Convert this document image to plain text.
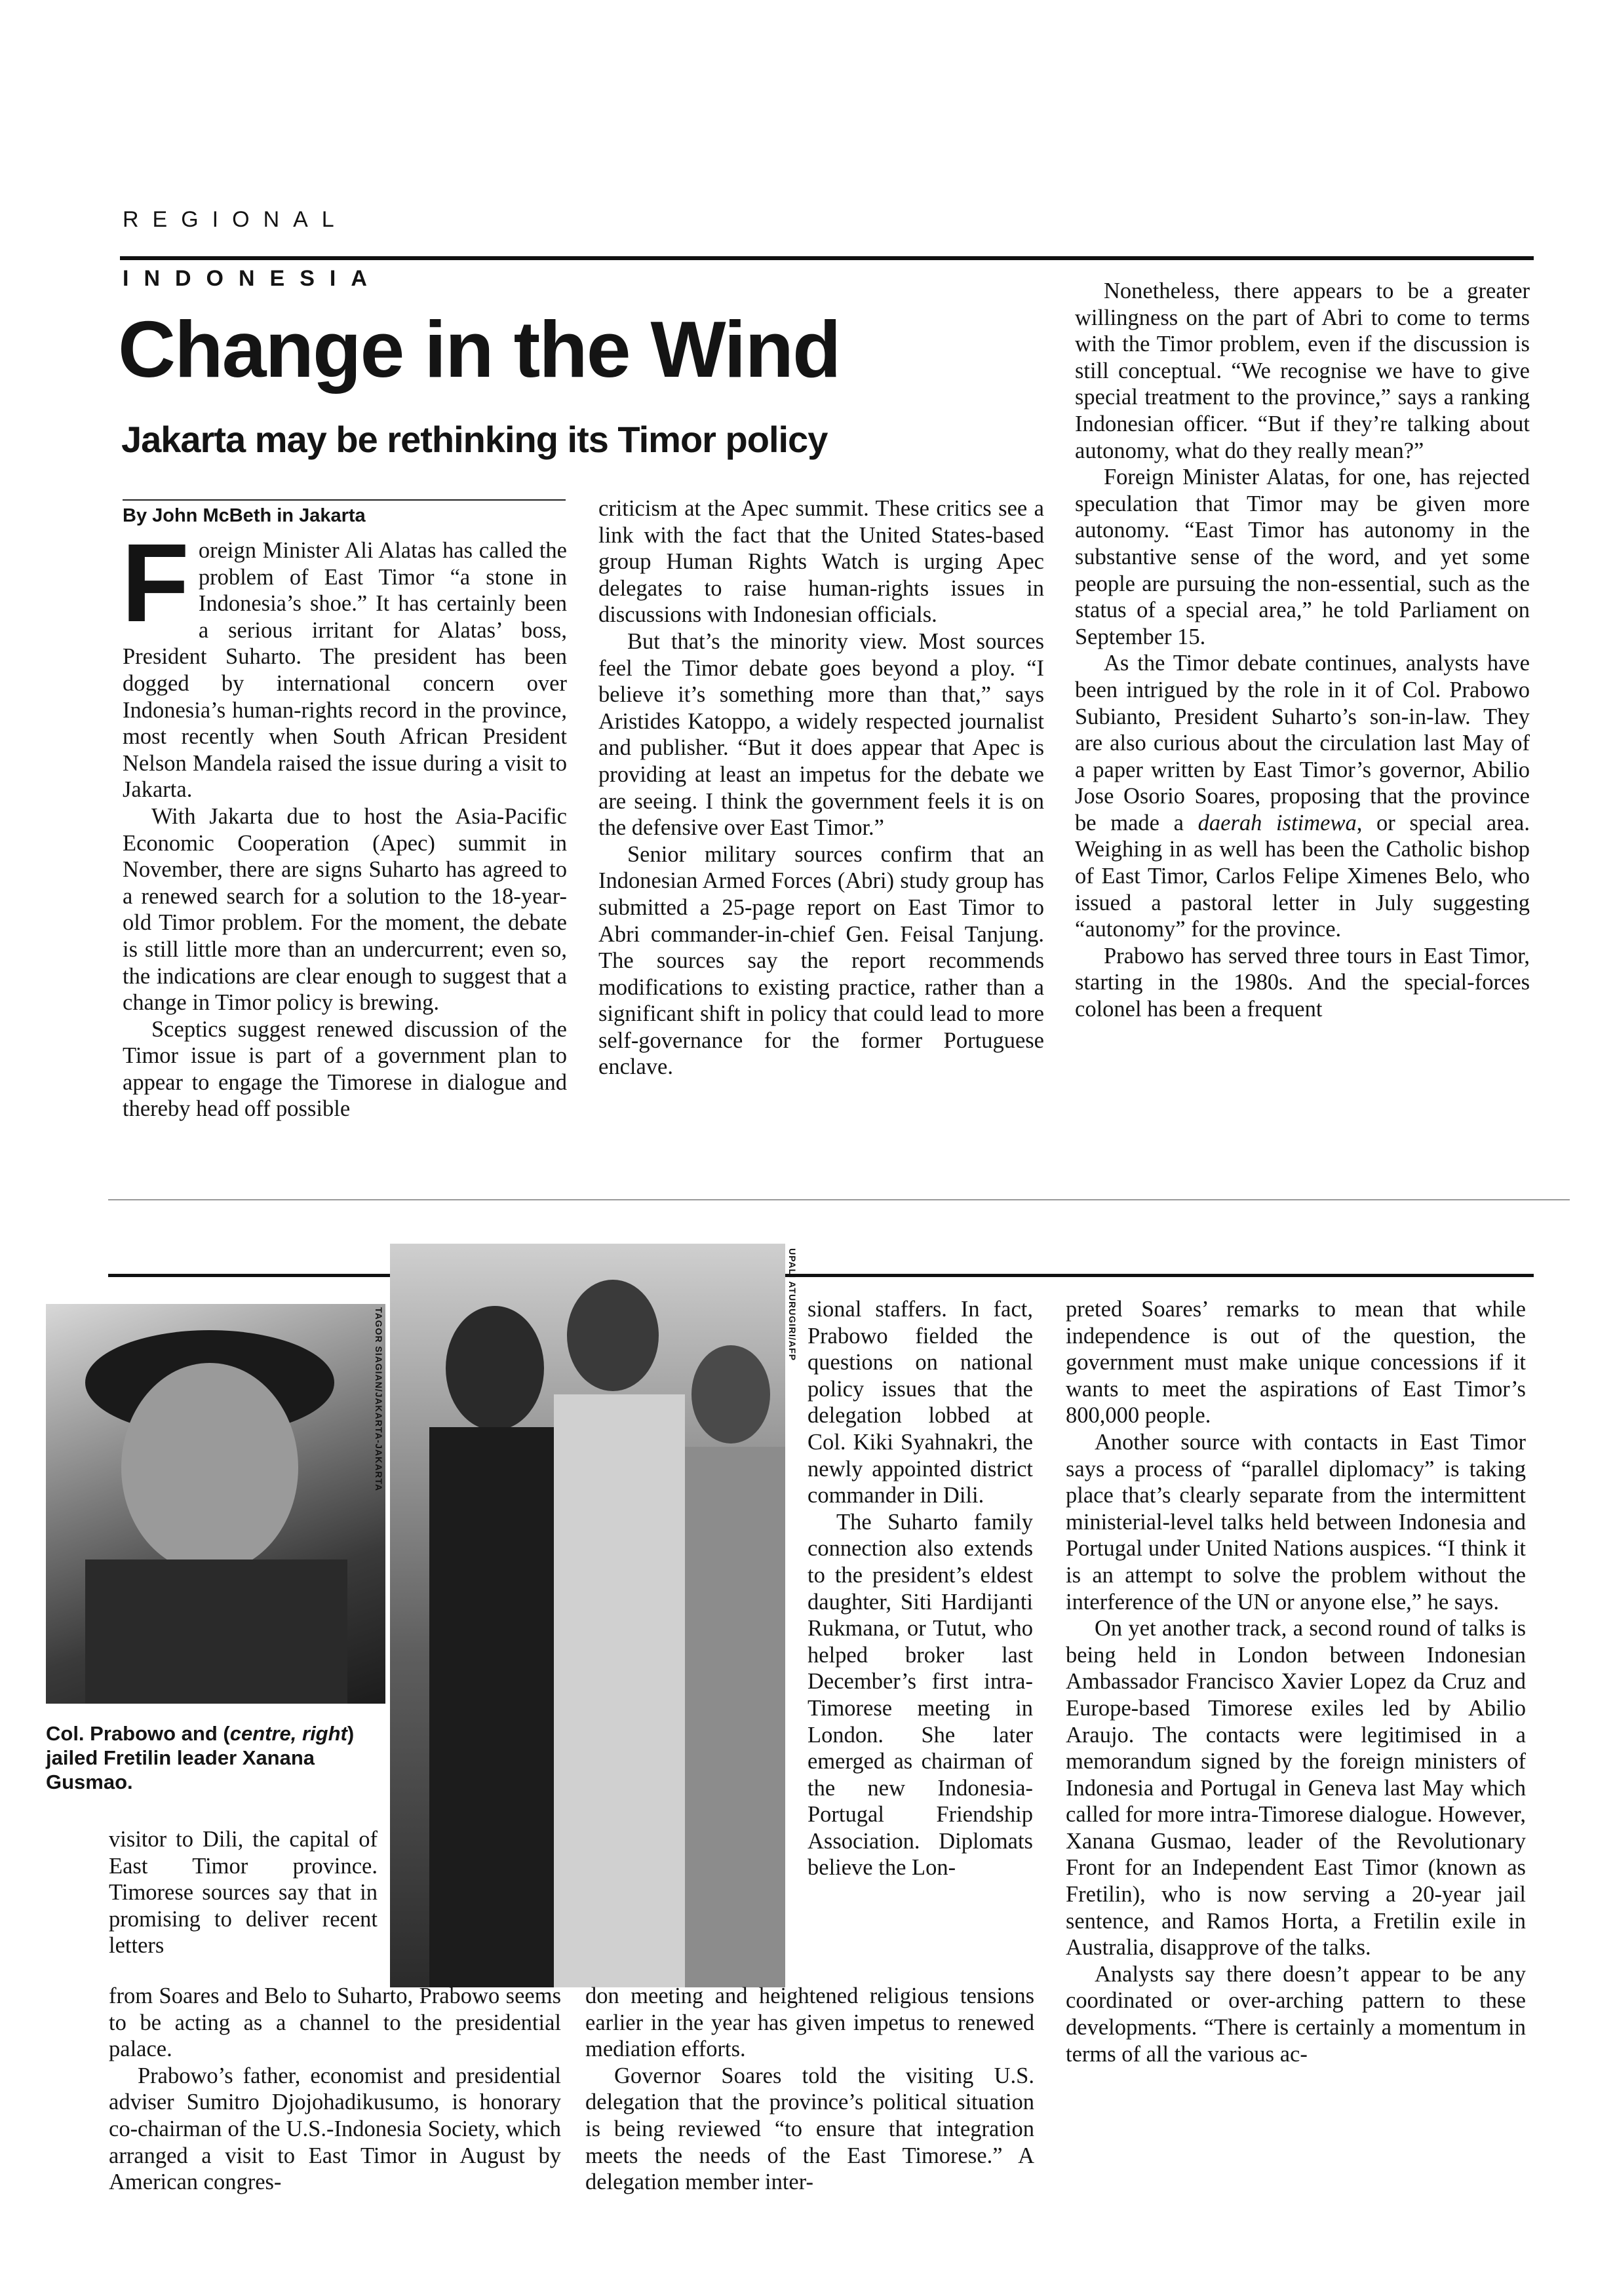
REGIONAL
INDONESIA
Change in the Wind
Jakarta may be rethinking its Timor policy
By John McBeth in Jakarta
F oreign Minister Ali Alatas has called the problem of East Timor “a stone in Indonesia’s shoe.” It has certainly been a serious irritant for Alatas’ boss, President Suharto. The president has been dogged by international concern over Indonesia’s human-rights record in the province, most recently when South African President Nelson Mandela raised the issue during a visit to Jakarta.

With Jakarta due to host the Asia-Pacific Economic Cooperation (Apec) summit in November, there are signs Suharto has agreed to a renewed search for a solution to the 18-year-old Timor problem. For the moment, the debate is still little more than an undercurrent; even so, the indications are clear enough to suggest that a change in Timor policy is brewing.

Sceptics suggest renewed discussion of the Timor issue is part of a government plan to appear to engage the Timorese in dialogue and thereby head off possible

criticism at the Apec summit. These critics see a link with the fact that the United States-based group Human Rights Watch is urging Apec delegates to raise human-rights issues in discussions with Indonesian officials.

But that’s the minority view. Most sources feel the Timor debate goes beyond a ploy. “I believe it’s something more than that,” says Aristides Katoppo, a widely respected journalist and publisher. “But it does appear that Apec is providing at least an impetus for the debate we are seeing. I think the government feels it is on the defensive over East Timor.”

Senior military sources confirm that an Indonesian Armed Forces (Abri) study group has submitted a 25-page report on East Timor to Abri commander-in-chief Gen. Feisal Tanjung. The sources say the report recommends modifications to existing practice, rather than a significant shift in policy that could lead to more self-governance for the former Portuguese enclave.

Nonetheless, there appears to be a greater willingness on the part of Abri to come to terms with the Timor problem, even if the discussion is still conceptual. “We recognise we have to give special treatment to the province,” says a ranking Indonesian officer. “But if they’re talking about autonomy, what do they really mean?”

Foreign Minister Alatas, for one, has rejected speculation that Timor may be given more autonomy. “East Timor has autonomy in the substantive sense of the word, and yet some people are pursuing the non-essential, such as the status of a special area,” he told Parliament on September 15.

As the Timor debate continues, analysts have been intrigued by the role in it of Col. Prabowo Subianto, President Suharto’s son-in-law. They are also curious about the circulation last May of a paper written by East Timor’s governor, Abilio Jose Osorio Soares, proposing that the province be made a daerah istimewa, or special area. Weighing in as well has been the Catholic bishop of East Timor, Carlos Felipe Ximenes Belo, who issued a pastoral letter in July suggesting “autonomy” for the province.

Prabowo has served three tours in East Timor, starting in the 1980s. And the special-forces colonel has been a frequent

TAGOR SIAGIAN/JAKARTA-JAKARTA
UPALI ATURUGIRI/AFP
Col. Prabowo and (centre, right) jailed Fretilin leader Xanana Gusmao.

visitor to Dili, the capital of East Timor province. Timorese sources say that in promising to deliver recent letters

from Soares and Belo to Suharto, Prabowo seems to be acting as a channel to the presidential palace.

Prabowo’s father, economist and presidential adviser Sumitro Djojohadikusumo, is honorary co-chairman of the U.S.-Indonesia Society, which arranged a visit to East Timor in August by American congres-

sional staffers. In fact, Prabowo fielded the questions on national policy issues that the delegation lobbed at Col. Kiki Syahnakri, the newly appointed district commander in Dili.

The Suharto family connection also extends to the president’s eldest daughter, Siti Hardijanti Rukmana, or Tutut, who helped broker last December’s first intra-Timorese meeting in London. She later emerged as chairman of the new Indonesia-Portugal Friendship Association. Diplomats believe the Lon-

don meeting and heightened religious tensions earlier in the year has given impetus to renewed mediation efforts.

Governor Soares told the visiting U.S. delegation that the province’s political situation is being reviewed “to ensure that integration meets the needs of the East Timorese.” A delegation member inter-

preted Soares’ remarks to mean that while independence is out of the question, the government must make unique concessions if it wants to meet the aspirations of East Timor’s 800,000 people.

Another source with contacts in East Timor says a process of “parallel diplomacy” is taking place that’s clearly separate from the intermittent ministerial-level talks held between Indonesia and Portugal under United Nations auspices. “I think it is an attempt to solve the problem without the interference of the UN or anyone else,” he says.

On yet another track, a second round of talks is being held in London between Indonesian Ambassador Francisco Xavier Lopez da Cruz and Europe-based Timorese exiles led by Abilio Araujo. The contacts were legitimised in a memorandum signed by the foreign ministers of Indonesia and Portugal in Geneva last May which called for more intra-Timorese dialogue. However, Xanana Gusmao, leader of the Revolutionary Front for an Independent East Timor (known as Fretilin), who is now serving a 20-year jail sentence, and Ramos Horta, a Fretilin exile in Australia, disapprove of the talks.

Analysts say there doesn’t appear to be any coordinated or over-arching pattern to these developments. “There is certainly a momentum in terms of all the various ac-
